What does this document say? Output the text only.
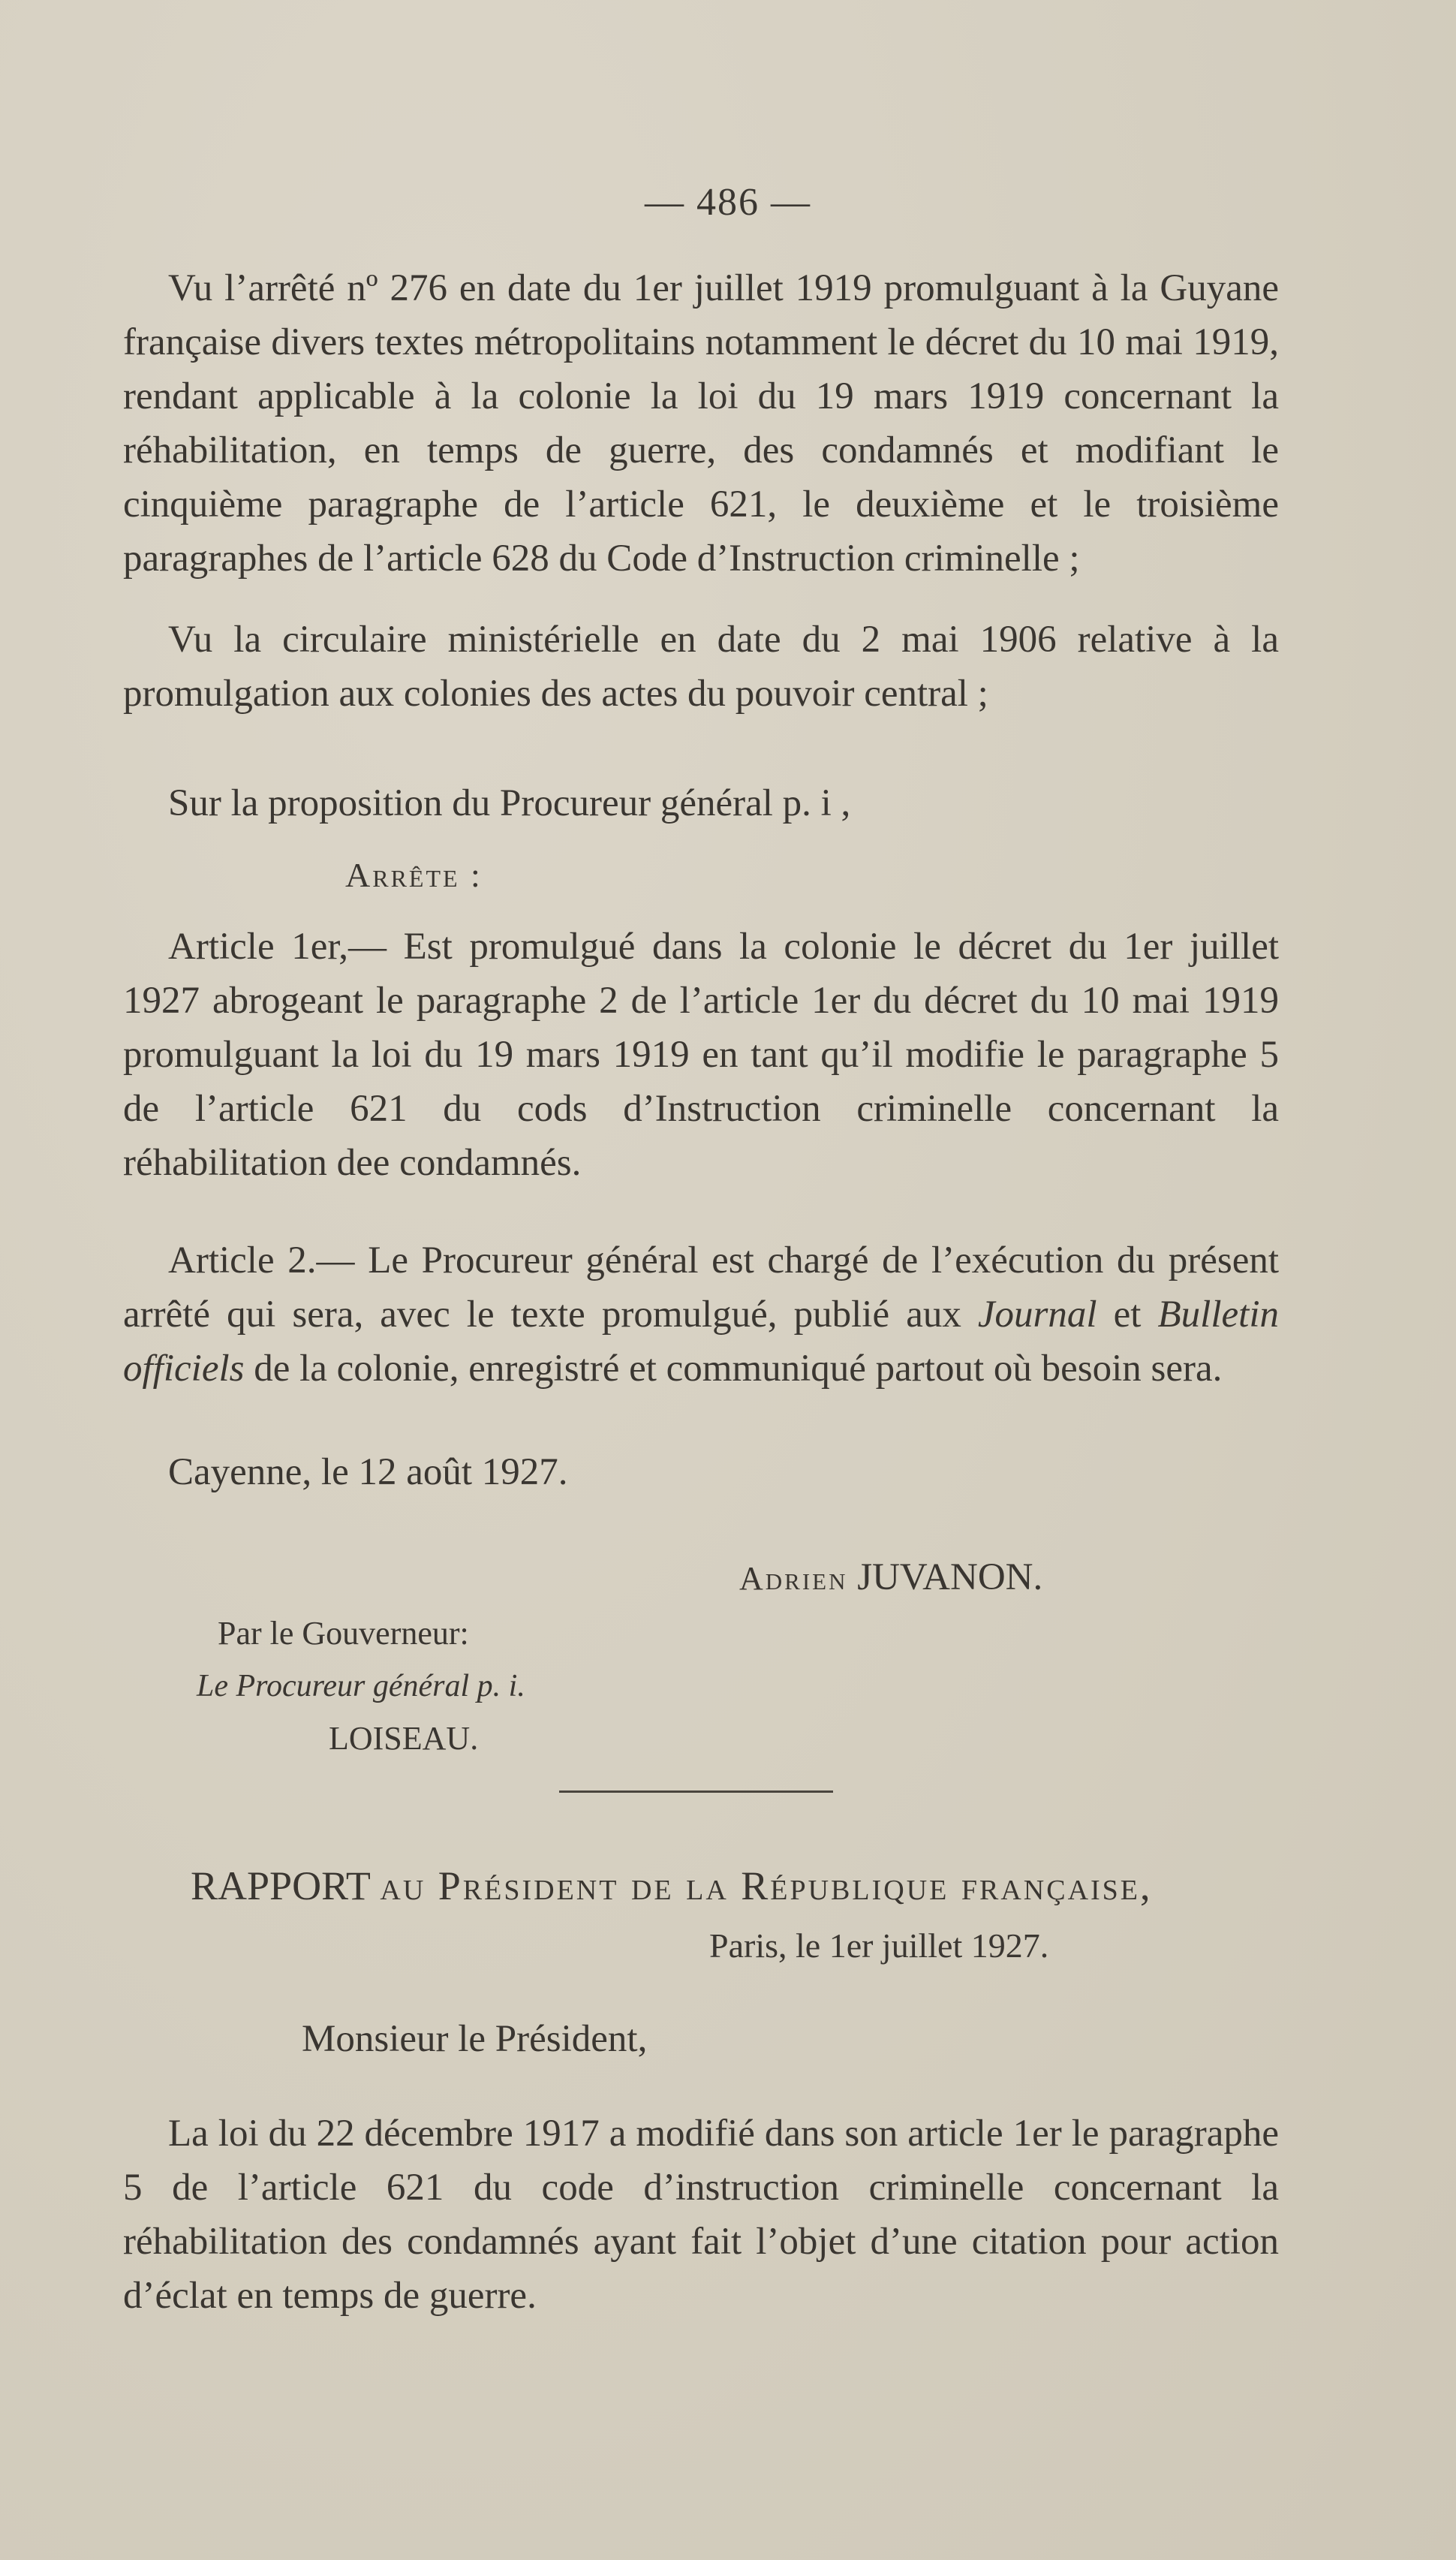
— 486 —

Vu l’arrêté nº 276 en date du 1er juillet 1919 promulguant à la Guyane française divers textes métropolitains notamment le décret du 10 mai 1919, rendant applicable à la colonie la loi du 19 mars 1919 concernant la réhabilitation, en temps de guerre, des condamnés et modifiant le cinquième paragraphe de l’article 621, le deuxième et le troisième paragraphes de l’article 628 du Code d’Instruction criminelle ;

Vu la circulaire ministérielle en date du 2 mai 1906 relative à la promulgation aux colonies des actes du pouvoir central ;

Sur la proposition du Procureur général p. i ,

Arrête :

Article 1er,— Est promulgué dans la colonie le décret du 1er juillet 1927 abrogeant le paragraphe 2 de l’article 1er du décret du 10 mai 1919 promulguant la loi du 19 mars 1919 en tant qu’il modifie le paragraphe 5 de l’article 621 du cods d’Instruction criminelle concernant la réhabilitation dee condamnés.

Article 2.— Le Procureur général est chargé de l’exécution du présent arrêté qui sera, avec le texte promulgué, publié aux Journal et Bulletin officiels de la colonie, enregistré et communiqué partout où besoin sera.

Cayenne, le 12 août 1927.

Adrien JUVANON.

Par le Gouverneur:

Le Procureur général p. i.

LOISEAU.

RAPPORT au Président de la République française,

Paris, le 1er juillet 1927.

Monsieur le Président,

La loi du 22 décembre 1917 a modifié dans son article 1er le paragraphe 5 de l’article 621 du code d’instruction criminelle concernant la réhabilitation des condamnés ayant fait l’objet d’une citation pour action d’éclat en temps de guerre.
